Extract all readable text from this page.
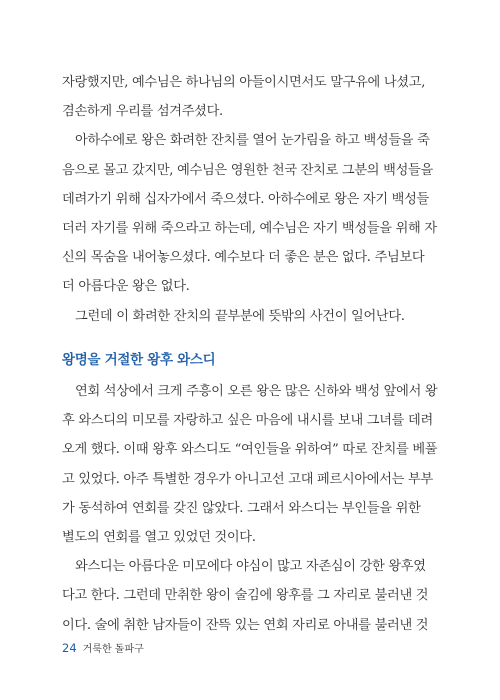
자랑했지만, 예수님은 하나님의 아들이시면서도 말구유에 나셨고,
겸손하게 우리를 섬겨주셨다.

아하수에로 왕은 화려한 잔치를 열어 눈가림을 하고 백성들을 죽
음으로 몰고 갔지만, 예수님은 영원한 천국 잔치로 그분의 백성들을
데려가기 위해 십자가에서 죽으셨다. 아하수에로 왕은 자기 백성들
더러 자기를 위해 죽으라고 하는데, 예수님은 자기 백성들을 위해 자
신의 목숨을 내어놓으셨다. 예수보다 더 좋은 분은 없다. 주님보다
더 아름다운 왕은 없다.

그런데 이 화려한 잔치의 끝부분에 뜻밖의 사건이 일어난다.

왕명을 거절한 왕후 와스디

연회 석상에서 크게 주흥이 오른 왕은 많은 신하와 백성 앞에서 왕
후 와스디의 미모를 자랑하고 싶은 마음에 내시를 보내 그녀를 데려
오게 했다. 이때 왕후 와스디도 “여인들을 위하여” 따로 잔치를 베풀
고 있었다. 아주 특별한 경우가 아니고선 고대 페르시아에서는 부부
가 동석하여 연회를 갖진 않았다. 그래서 와스디는 부인들을 위한
별도의 연회를 열고 있었던 것이다.

와스디는 아름다운 미모에다 야심이 많고 자존심이 강한 왕후였
다고 한다. 그런데 만취한 왕이 술김에 왕후를 그 자리로 불러낸 것
이다. 술에 취한 남자들이 잔뜩 있는 연회 자리로 아내를 불러낸 것

24 거룩한 돌파구
